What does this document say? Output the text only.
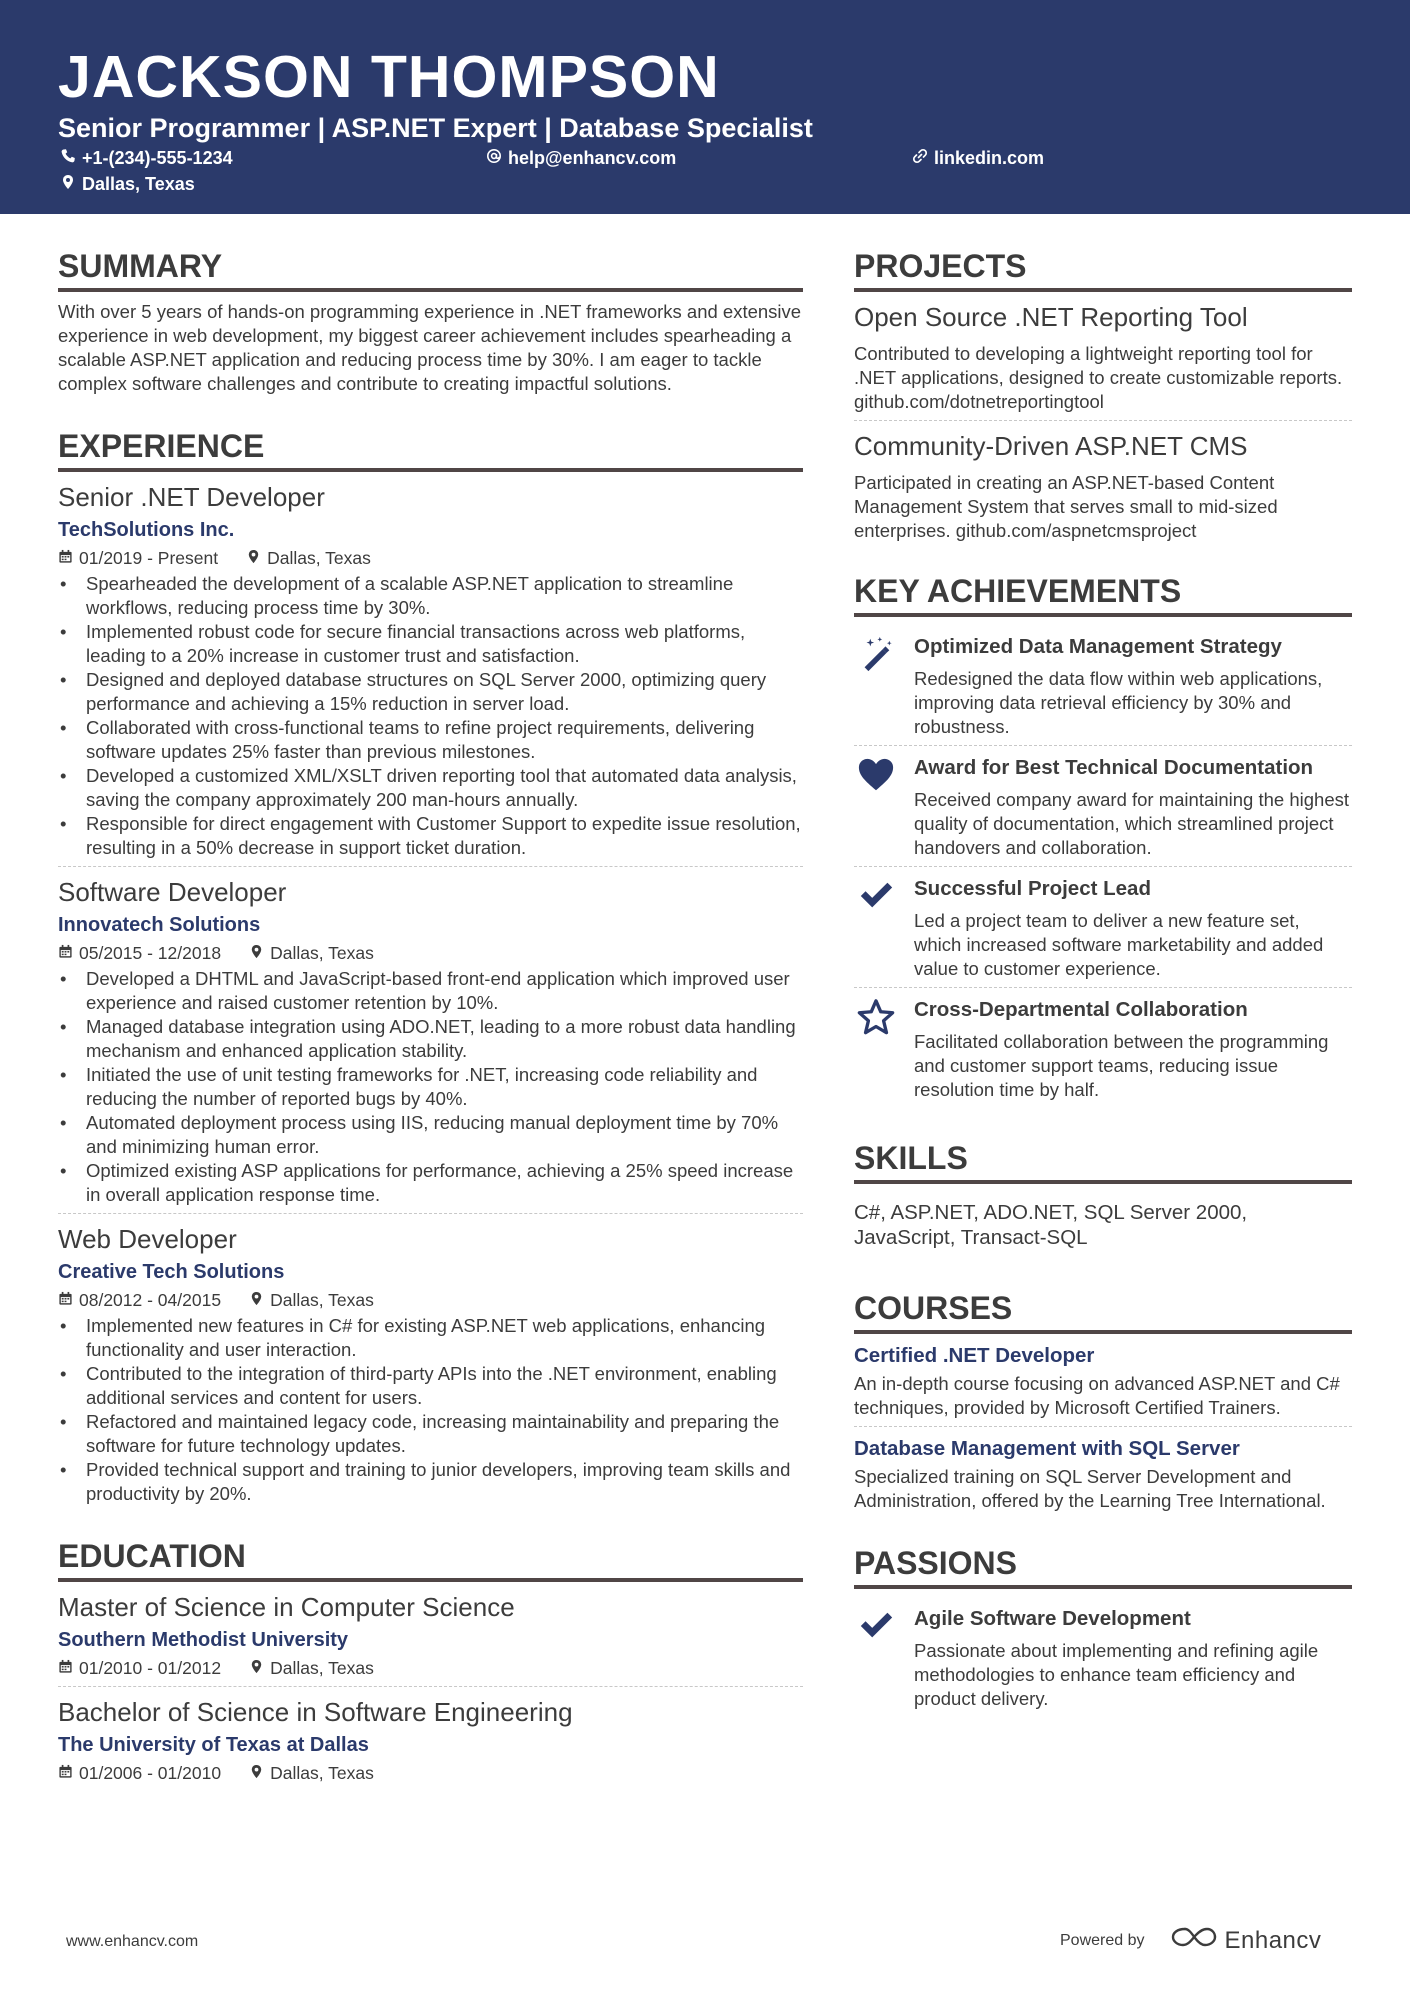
JACKSON THOMPSON
Senior Programmer | ASP.NET Expert | Database Specialist
+1-(234)-555-1234	help@enhancv.com	linkedin.com
Dallas, Texas
SUMMARY

With over 5 years of hands-on programming experience in .NET frameworks and extensive experience in web development, my biggest career achievement includes spearheading a scalable ASP.NET application and reducing process time by 30%. I am eager to tackle complex software challenges and contribute to creating impactful solutions.

EXPERIENCE
Senior .NET Developer
TechSolutions Inc.
01/2019 - Present	Dallas, Texas
• Spearheaded the development of a scalable ASP.NET application to streamline workflows, reducing process time by 30%.
• Implemented robust code for secure financial transactions across web platforms, leading to a 20% increase in customer trust and satisfaction.
• Designed and deployed database structures on SQL Server 2000, optimizing query performance and achieving a 15% reduction in server load.
• Collaborated with cross-functional teams to refine project requirements, delivering software updates 25% faster than previous milestones.
• Developed a customized XML/XSLT driven reporting tool that automated data analysis, saving the company approximately 200 man-hours annually.
• Responsible for direct engagement with Customer Support to expedite issue resolution, resulting in a 50% decrease in support ticket duration.
Software Developer
Innovatech Solutions
05/2015 - 12/2018	Dallas, Texas
• Developed a DHTML and JavaScript-based front-end application which improved user experience and raised customer retention by 10%.
• Managed database integration using ADO.NET, leading to a more robust data handling mechanism and enhanced application stability.
• Initiated the use of unit testing frameworks for .NET, increasing code reliability and reducing the number of reported bugs by 40%.
• Automated deployment process using IIS, reducing manual deployment time by 70% and minimizing human error.
• Optimized existing ASP applications for performance, achieving a 25% speed increase in overall application response time.
Web Developer
Creative Tech Solutions
08/2012 - 04/2015	Dallas, Texas
• Implemented new features in C# for existing ASP.NET web applications, enhancing functionality and user interaction.
• Contributed to the integration of third-party APIs into the .NET environment, enabling additional services and content for users.
• Refactored and maintained legacy code, increasing maintainability and preparing the software for future technology updates.
• Provided technical support and training to junior developers, improving team skills and productivity by 20%.
EDUCATION
Master of Science in Computer Science
Southern Methodist University
01/2010 - 01/2012	Dallas, Texas
Bachelor of Science in Software Engineering
The University of Texas at Dallas
01/2006 - 01/2010	Dallas, Texas
PROJECTS
Open Source .NET Reporting Tool
Contributed to developing a lightweight reporting tool for .NET applications, designed to create customizable reports. github.com/dotnetreportingtool
Community-Driven ASP.NET CMS
Participated in creating an ASP.NET-based Content Management System that serves small to mid-sized enterprises. github.com/aspnetcmsproject
KEY ACHIEVEMENTS
Optimized Data Management Strategy
Redesigned the data flow within web applications, improving data retrieval efficiency by 30% and robustness.
Award for Best Technical Documentation
Received company award for maintaining the highest quality of documentation, which streamlined project handovers and collaboration.
Successful Project Lead
Led a project team to deliver a new feature set, which increased software marketability and added value to customer experience.
Cross-Departmental Collaboration
Facilitated collaboration between the programming and customer support teams, reducing issue resolution time by half.
SKILLS
C#, ASP.NET, ADO.NET, SQL Server 2000, JavaScript, Transact-SQL
COURSES
Certified .NET Developer
An in-depth course focusing on advanced ASP.NET and C# techniques, provided by Microsoft Certified Trainers.
Database Management with SQL Server
Specialized training on SQL Server Development and Administration, offered by the Learning Tree International.
PASSIONS
Agile Software Development
Passionate about implementing and refining agile methodologies to enhance team efficiency and product delivery.
www.enhancv.com	Powered by	Enhancv
